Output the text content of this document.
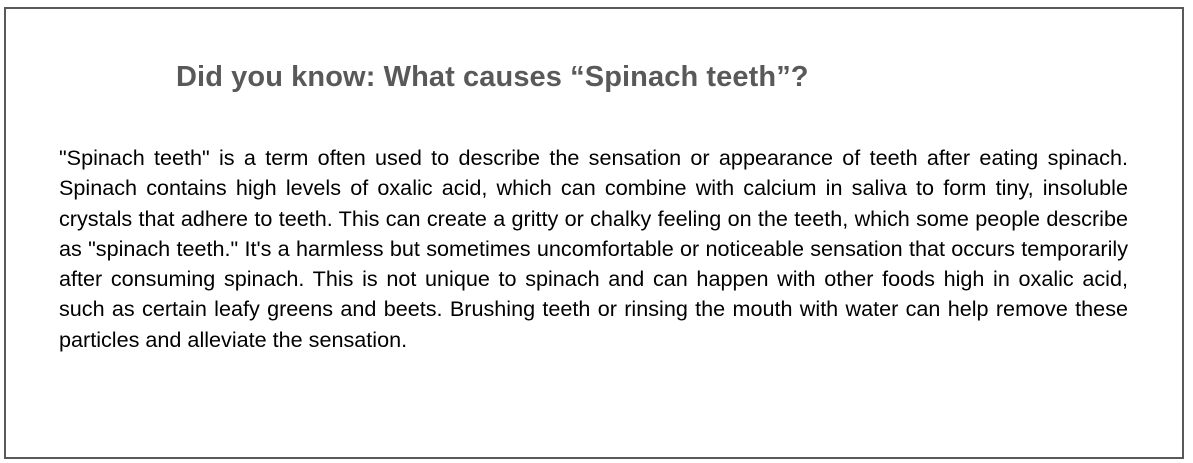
Did you know: What causes “Spinach teeth”?

"Spinach teeth" is a term often used to describe the sensation or appearance of teeth after eating spinach. Spinach contains high levels of oxalic acid, which can combine with calcium in saliva to form tiny, insoluble crystals that adhere to teeth. This can create a gritty or chalky feeling on the teeth, which some people describe as "spinach teeth." It's a harmless but sometimes uncomfortable or noticeable sensation that occurs temporarily after consuming spinach. This is not unique to spinach and can happen with other foods high in oxalic acid, such as certain leafy greens and beets. Brushing teeth or rinsing the mouth with water can help remove these particles and alleviate the sensation.
